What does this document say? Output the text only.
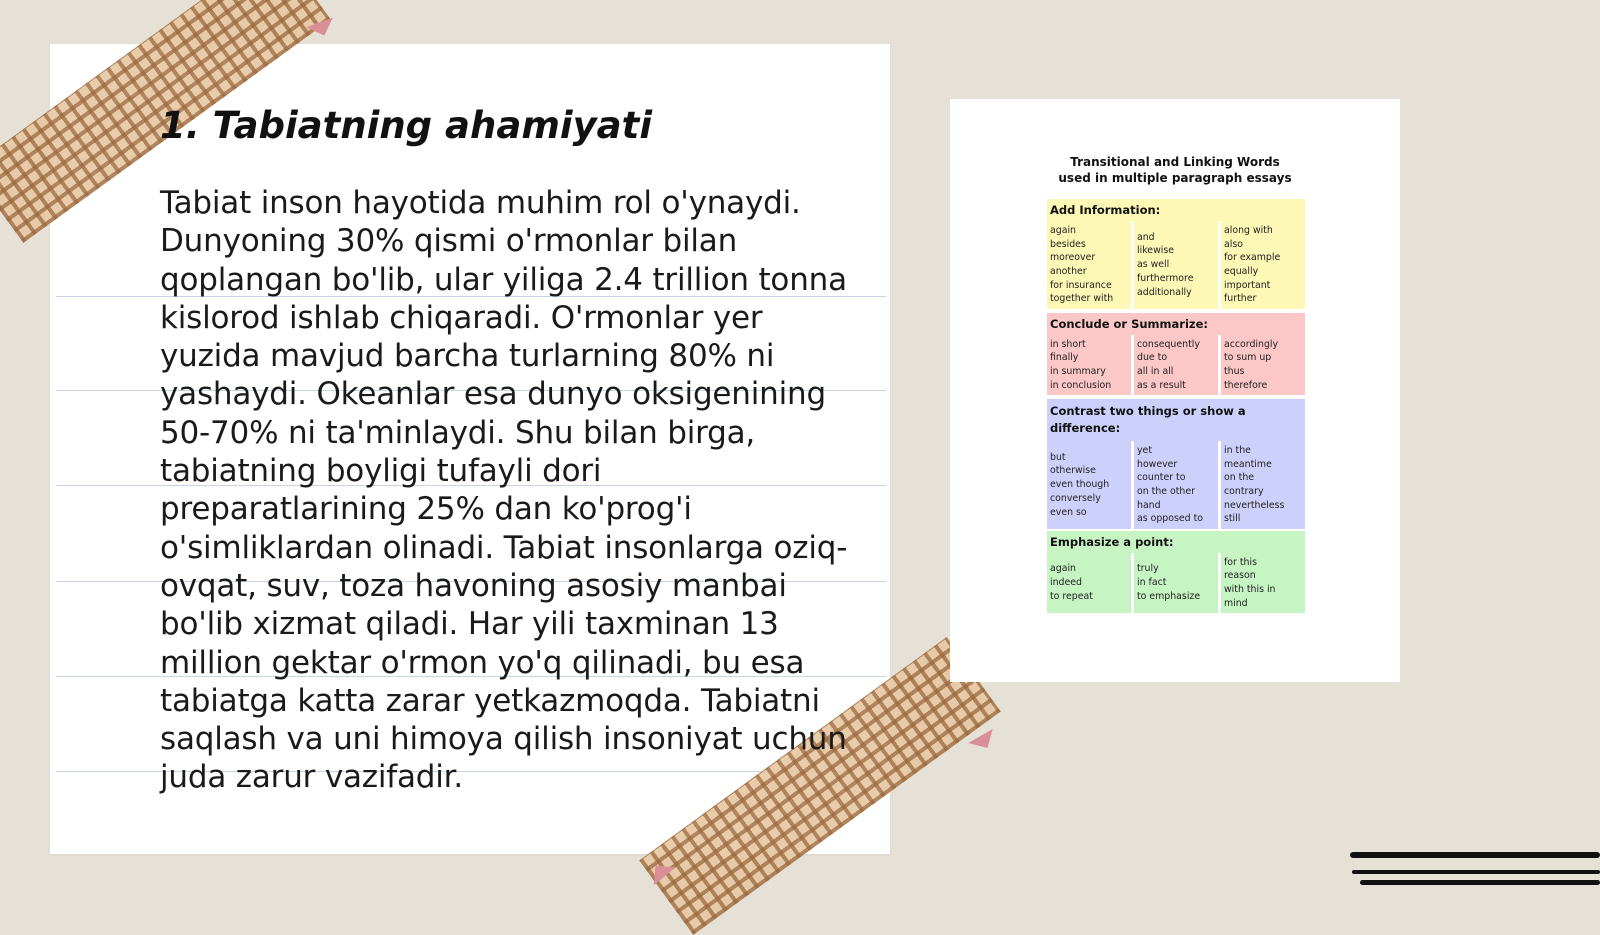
1. Tabiatning ahamiyati

Tabiat inson hayotida muhim rol o'ynaydi. Dunyoning 30% qismi o'rmonlar bilan qoplangan bo'lib, ular yiliga 2.4 trillion tonna kislorod ishlab chiqaradi. O'rmonlar yer yuzida mavjud barcha turlarning 80% ni yashaydi. Okeanlar esa dunyo oksigenining 50-70% ni ta'minlaydi. Shu bilan birga, tabiatning boyligi tufayli dori preparatlarining 25% dan ko'prog'i o'simliklardan olinadi. Tabiat insonlarga oziq-ovqat, suv, toza havoning asosiy manbai bo'lib xizmat qiladi. Har yili taxminan 13 million gektar o'rmon yo'q qilinadi, bu esa tabiatga katta zarar yetkazmoqda. Tabiatni saqlash va uni himoya qilish insoniyat uchun juda zarur vazifadir.

Transitional and Linking Words
used in multiple paragraph essays
Add Information:
again
besides
moreover
another
for insurance
together with
and
likewise
as well
furthermore
additionally
along with
also
for example
equally
important
further
Conclude or Summarize:
in short
finally
in summary
in conclusion
consequently
due to
all in all
as a result
accordingly
to sum up
thus
therefore
Contrast two things or show a difference:
but
otherwise
even though
conversely
even so
yet
however
counter to
on the other
hand
as opposed to
in the
meantime
on the
contrary
nevertheless
still
Emphasize a point:
again
indeed
to repeat
truly
in fact
to emphasize
for this
reason
with this in
mind
